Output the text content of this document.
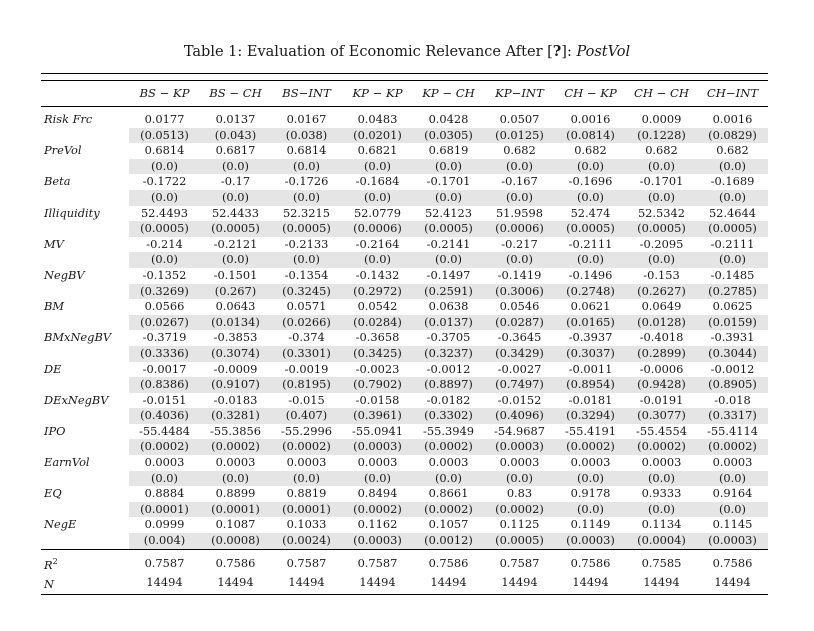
Table 1: Evaluation of Economic Relevance After [?]: PostVol

	BS − KP	BS − CH	BS−INT	KP − KP	KP − CH	KP−INT	CH − KP	CH − CH	CH−INT

Risk Frc	0.0177	0.0137	0.0167	0.0483	0.0428	0.0507	0.0016	0.0009	0.0016
	(0.0513)	(0.043)	(0.038)	(0.0201)	(0.0305)	(0.0125)	(0.0814)	(0.1228)	(0.0829)
PreVol	0.6814	0.6817	0.6814	0.6821	0.6819	0.682	0.682	0.682	0.682
	(0.0)	(0.0)	(0.0)	(0.0)	(0.0)	(0.0)	(0.0)	(0.0)	(0.0)
Beta	-0.1722	-0.17	-0.1726	-0.1684	-0.1701	-0.167	-0.1696	-0.1701	-0.1689
	(0.0)	(0.0)	(0.0)	(0.0)	(0.0)	(0.0)	(0.0)	(0.0)	(0.0)
Illiquidity	52.4493	52.4433	52.3215	52.0779	52.4123	51.9598	52.474	52.5342	52.4644
	(0.0005)	(0.0005)	(0.0005)	(0.0006)	(0.0005)	(0.0006)	(0.0005)	(0.0005)	(0.0005)
MV	-0.214	-0.2121	-0.2133	-0.2164	-0.2141	-0.217	-0.2111	-0.2095	-0.2111
	(0.0)	(0.0)	(0.0)	(0.0)	(0.0)	(0.0)	(0.0)	(0.0)	(0.0)
NegBV	-0.1352	-0.1501	-0.1354	-0.1432	-0.1497	-0.1419	-0.1496	-0.153	-0.1485
	(0.3269)	(0.267)	(0.3245)	(0.2972)	(0.2591)	(0.3006)	(0.2748)	(0.2627)	(0.2785)
BM	0.0566	0.0643	0.0571	0.0542	0.0638	0.0546	0.0621	0.0649	0.0625
	(0.0267)	(0.0134)	(0.0266)	(0.0284)	(0.0137)	(0.0287)	(0.0165)	(0.0128)	(0.0159)
BMxNegBV	-0.3719	-0.3853	-0.374	-0.3658	-0.3705	-0.3645	-0.3937	-0.4018	-0.3931
	(0.3336)	(0.3074)	(0.3301)	(0.3425)	(0.3237)	(0.3429)	(0.3037)	(0.2899)	(0.3044)
DE	-0.0017	-0.0009	-0.0019	-0.0023	-0.0012	-0.0027	-0.0011	-0.0006	-0.0012
	(0.8386)	(0.9107)	(0.8195)	(0.7902)	(0.8897)	(0.7497)	(0.8954)	(0.9428)	(0.8905)
DExNegBV	-0.0151	-0.0183	-0.015	-0.0158	-0.0182	-0.0152	-0.0181	-0.0191	-0.018
	(0.4036)	(0.3281)	(0.407)	(0.3961)	(0.3302)	(0.4096)	(0.3294)	(0.3077)	(0.3317)
IPO	-55.4484	-55.3856	-55.2996	-55.0941	-55.3949	-54.9687	-55.4191	-55.4554	-55.4114
	(0.0002)	(0.0002)	(0.0002)	(0.0003)	(0.0002)	(0.0003)	(0.0002)	(0.0002)	(0.0002)
EarnVol	0.0003	0.0003	0.0003	0.0003	0.0003	0.0003	0.0003	0.0003	0.0003
	(0.0)	(0.0)	(0.0)	(0.0)	(0.0)	(0.0)	(0.0)	(0.0)	(0.0)
EQ	0.8884	0.8899	0.8819	0.8494	0.8661	0.83	0.9178	0.9333	0.9164
	(0.0001)	(0.0001)	(0.0001)	(0.0002)	(0.0002)	(0.0002)	(0.0)	(0.0)	(0.0)
NegE	0.0999	0.1087	0.1033	0.1162	0.1057	0.1125	0.1149	0.1134	0.1145
	(0.004)	(0.0008)	(0.0024)	(0.0003)	(0.0012)	(0.0005)	(0.0003)	(0.0004)	(0.0003)
$R^2$	0.7587	0.7586	0.7587	0.7587	0.7586	0.7587	0.7586	0.7585	0.7586
N	14494	14494	14494	14494	14494	14494	14494	14494	14494
